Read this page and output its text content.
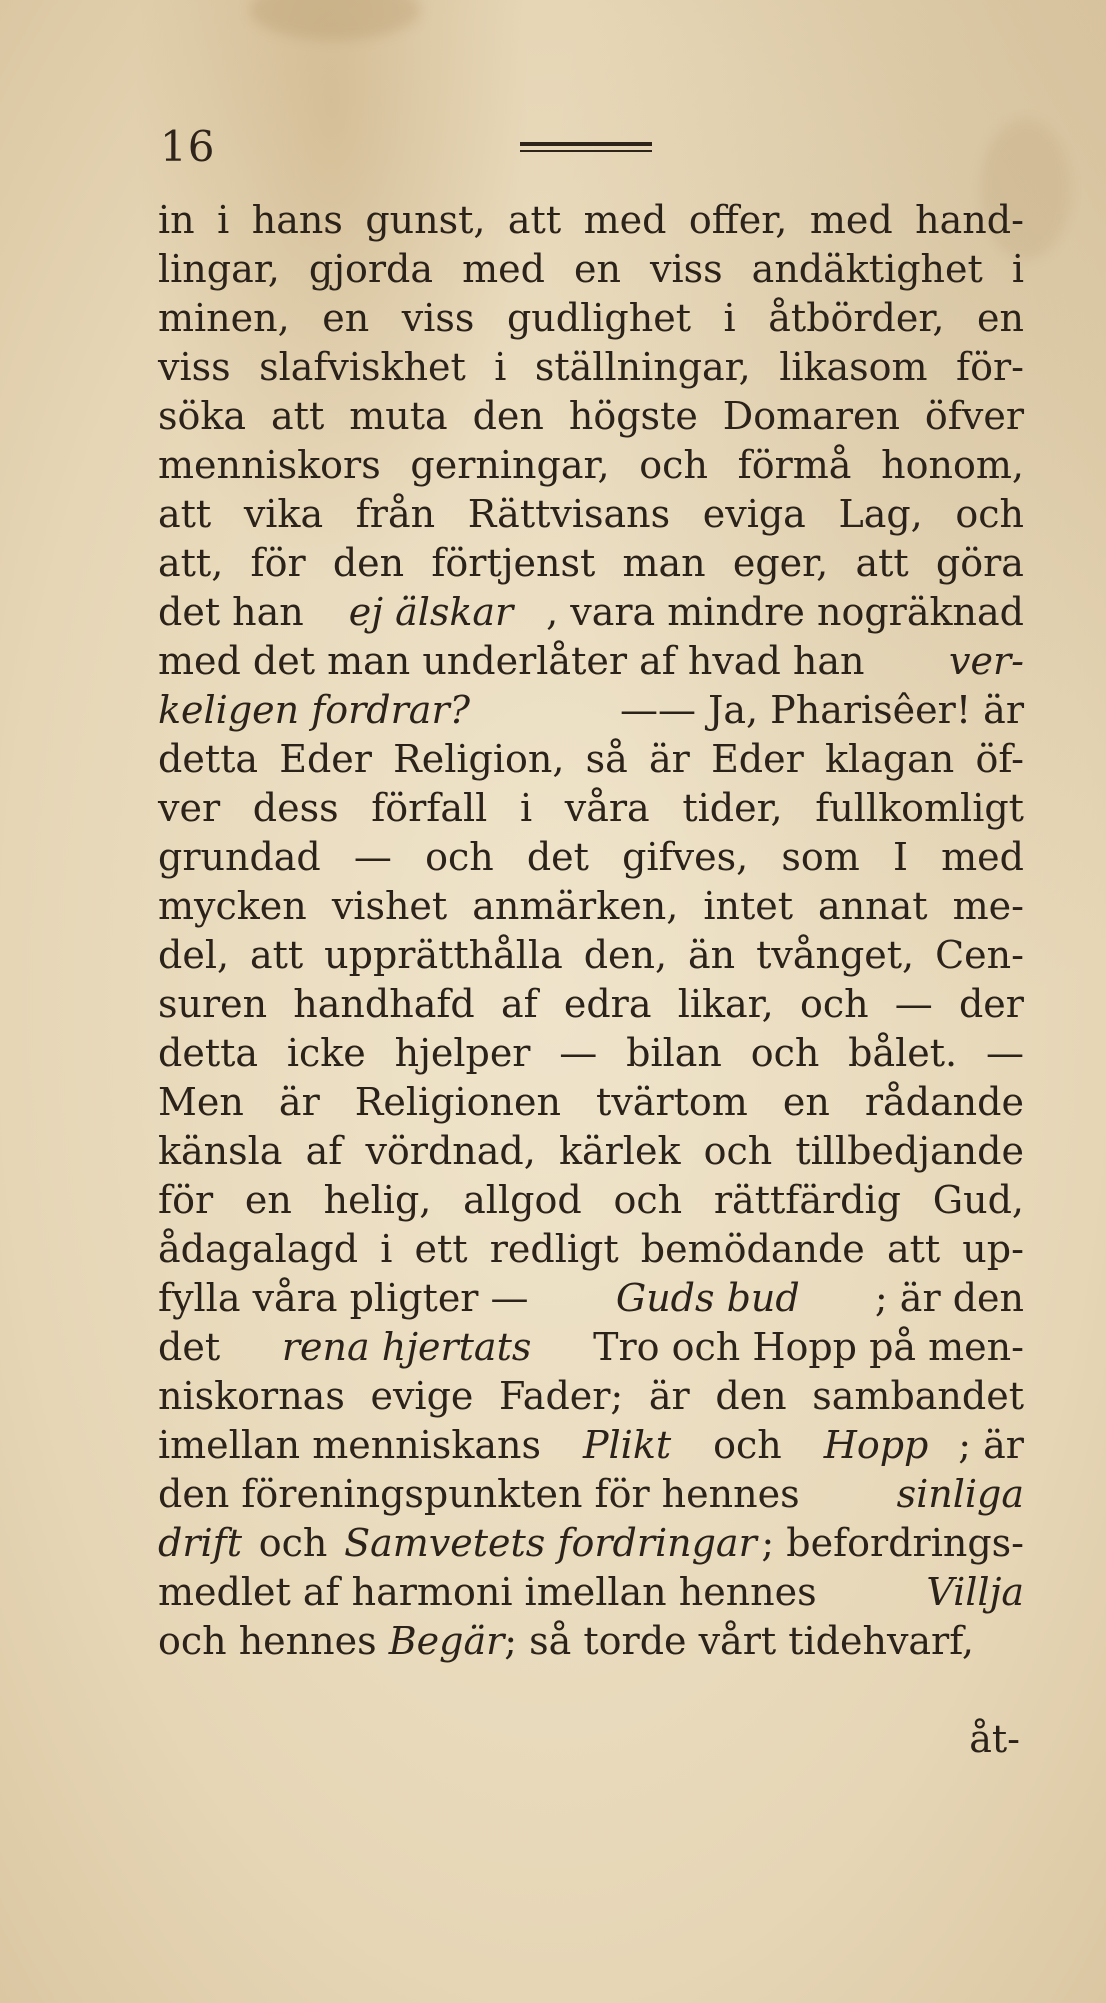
16
in i hans gunst, att med offer, med hand-
lingar, gjorda med en viss andäktighet i
minen, en viss gudlighet i åtbörder, en
viss slafviskhet i ställningar, likasom för-
söka att muta den högste Domaren öfver
menniskors gerningar, och förmå honom,
att vika från Rättvisans eviga Lag, och
att, för den förtjenst man eger, att göra
det han ej älskar , vara mindre nogräknad
med det man underlåter af hvad han ver-
keligen fordrar?	—— Ja, Pharisêer! är
detta Eder Religion, så är Eder klagan öf-
ver dess förfall i våra tider, fullkomligt
grundad — och det gifves, som I med
mycken vishet anmärken, intet annat me-
del, att upprätthålla den, än tvånget, Cen-
suren handhafd af edra likar, och — der
detta icke hjelper — bilan och bålet. —
Men är Religionen tvärtom en rådande
känsla af vördnad, kärlek och tillbedjande
för en helig, allgod och rättfärdig Gud,
ådagalagd i ett redligt bemödande att up-
fylla våra pligter — Guds bud ; är den
det rena hjertats Tro och Hopp på men-
niskornas evige Fader; är den sambandet
imellan menniskans Plikt och Hopp ; är
den föreningspunkten för hennes sinliga
drift och Samvetets fordringar ; befordrings-
medlet af harmoni imellan hennes	Villja
och hennes Begär ; så torde vårt tidehvarf,
åt-
